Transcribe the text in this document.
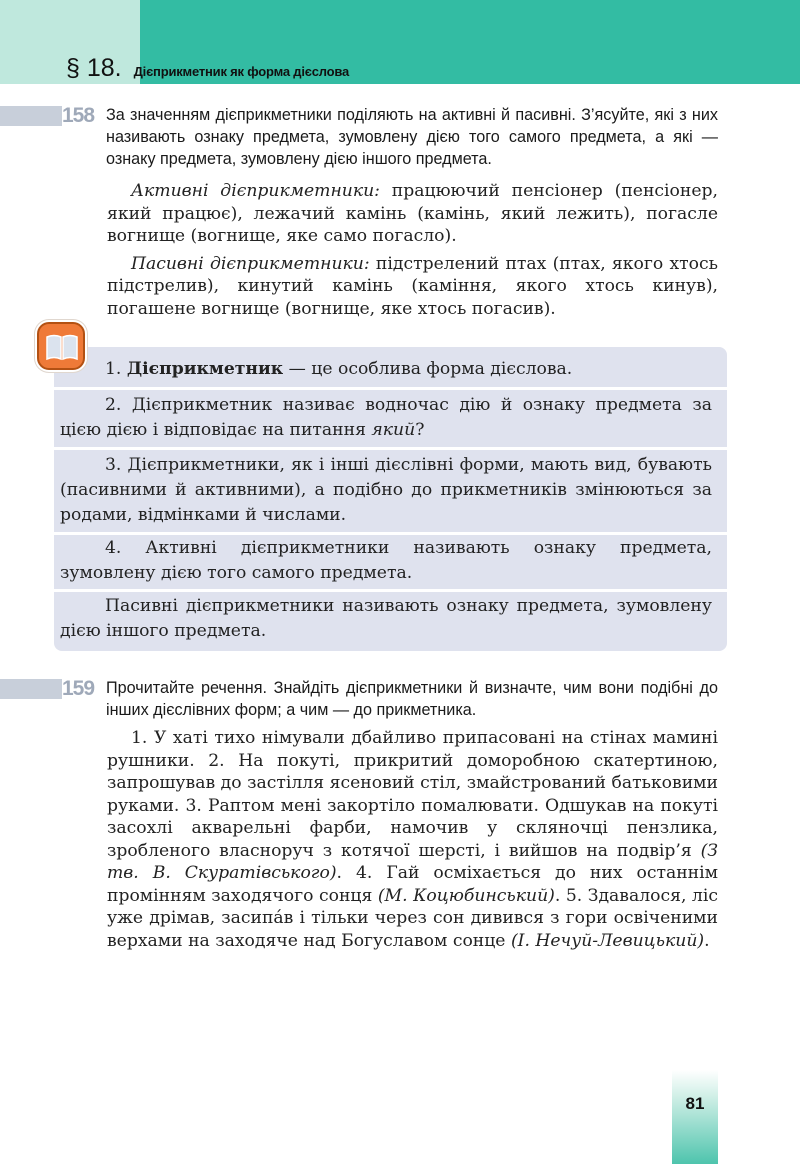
§ 18. Дієприкметник як форма дієслова
158 За значенням дієприкметники поділяють на активні й пасивні. З’ясуйте, які з них називають ознаку предмета, зумовлену дією того самого предмета, а які — ознаку предмета, зумовлену дією іншого предмета.

Активні дієприкметники: працюючий пенсіонер (пенсіонер, який працює), лежачий камінь (камінь, який лежить), погасле вогнище (вогнище, яке само погасло).

Пасивні дієприкметники: підстрелений птах (птах, якого хтось підстрелив), кинутий камінь (каміння, якого хтось кинув), погашене вогнище (вогнище, яке хтось погасив).

1. Дієприкметник — це особлива форма дієслова.

2. Дієприкметник називає водночас дію й ознаку предмета за цією дією і відповідає на питання який?

3. Дієприкметники, як і інші дієслівні форми, мають вид, бувають (пасивними й активними), а подібно до прикметників змінюються за родами, відмінками й числами.

4. Активні дієприкметники називають ознаку предмета, зумовлену дією того самого предмета.

Пасивні дієприкметники називають ознаку предмета, зумовлену дією іншого предмета.

159 Прочитайте речення. Знайдіть дієприкметники й визначте, чим вони подібні до інших дієслівних форм; а чим — до прикметника.

1. У хаті тихо німували дбайливо припасовані на стінах мамині рушники. 2. На покуті, прикритий доморобною скатертиною, запрошував до застілля ясеновий стіл, змайстрований батьковими руками. 3. Раптом мені закортіло помалювати. Одшукав на покуті засохлі акварельні фарби, намочив у скляночці пензлика, зробленого власноруч з котячої шерсті, і вийшов на подвір’я (З тв. В. Скуратівського). 4. Гай осміхається до них останнім промінням заходячого сонця (М. Коцюбинський). 5. Здавалося, ліс уже дрімав, засипáв і тільки через сон дивився з гори освіченими верхами на заходяче над Богуславом сонце (І. Нечуй-Левицький).

81
